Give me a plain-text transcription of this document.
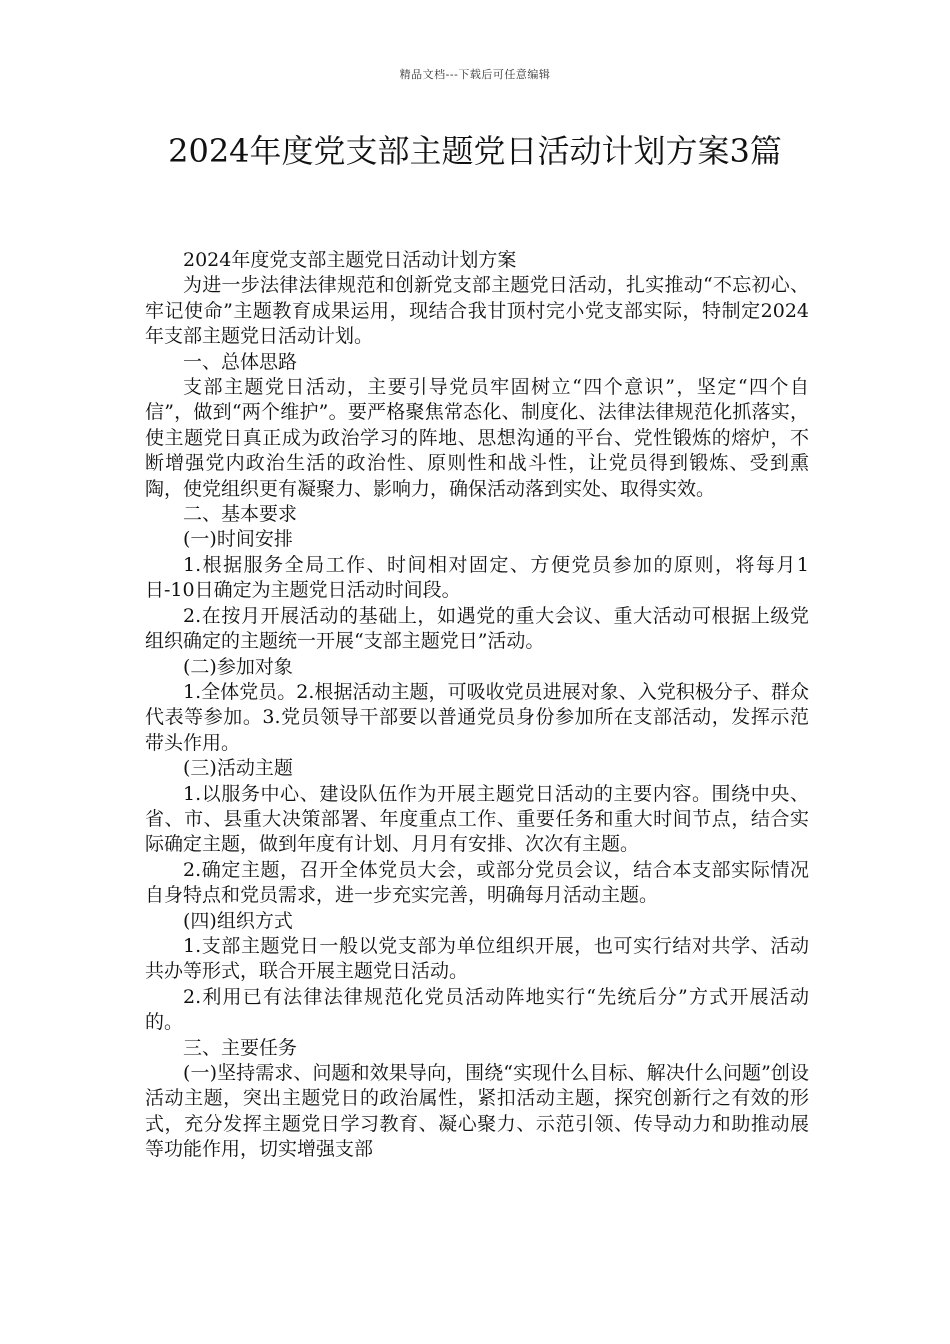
精品文档---下载后可任意编辑
2024年度党支部主题党日活动计划方案3篇

2024年度党支部主题党日活动计划方案

为进一步法律法律规范和创新党支部主题党日活动，扎实推动“不忘初心、牢记使命”主题教育成果运用，现结合我甘顶村完小党支部实际，特制定2024年支部主题党日活动计划。

一、总体思路

支部主题党日活动，主要引导党员牢固树立“四个意识”，坚定“四个自信”，做到“两个维护”。要严格聚焦常态化、制度化、法律法律规范化抓落实，使主题党日真正成为政治学习的阵地、思想沟通的平台、党性锻炼的熔炉，不断增强党内政治生活的政治性、原则性和战斗性，让党员得到锻炼、受到熏陶，使党组织更有凝聚力、影响力，确保活动落到实处、取得实效。

二、基本要求

(一)时间安排

1.根据服务全局工作、时间相对固定、方便党员参加的原则，将每月1日-10日确定为主题党日活动时间段。

2.在按月开展活动的基础上，如遇党的重大会议、重大活动可根据上级党组织确定的主题统一开展“支部主题党日”活动。

(二)参加对象

1.全体党员。2.根据活动主题，可吸收党员进展对象、入党积极分子、群众代表等参加。3.党员领导干部要以普通党员身份参加所在支部活动，发挥示范带头作用。

(三)活动主题

1.以服务中心、建设队伍作为开展主题党日活动的主要内容。围绕中央、省、市、县重大决策部署、年度重点工作、重要任务和重大时间节点，结合实际确定主题，做到年度有计划、月月有安排、次次有主题。

2.确定主题，召开全体党员大会，或部分党员会议，结合本支部实际情况自身特点和党员需求，进一步充实完善，明确每月活动主题。

(四)组织方式

1.支部主题党日一般以党支部为单位组织开展，也可实行结对共学、活动共办等形式，联合开展主题党日活动。

2.利用已有法律法律规范化党员活动阵地实行“先统后分”方式开展活动的。

三、主要任务

(一)坚持需求、问题和效果导向，围绕“实现什么目标、解决什么问题”创设活动主题，突出主题党日的政治属性，紧扣活动主题，探究创新行之有效的形式，充分发挥主题党日学习教育、凝心聚力、示范引领、传导动力和助推动展等功能作用，切实增强支部
